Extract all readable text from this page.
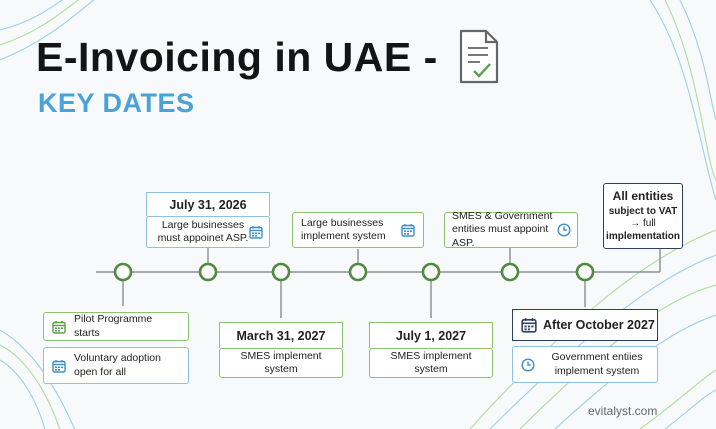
E-Invoicing in UAE -
KEY DATES
July 31, 2026
Large businesses must appoinet ASP.
Large businesses implement system
SMES & Government entities must appoint ASP.
All entities
subject to VAT
→ full
implementation
Pilot Programme starts
Voluntary adoption open for all
March 31, 2027
SMES implement system
July 1, 2027
SMES implement system
After October 2027
Government entiies implement system
evitalyst.com
